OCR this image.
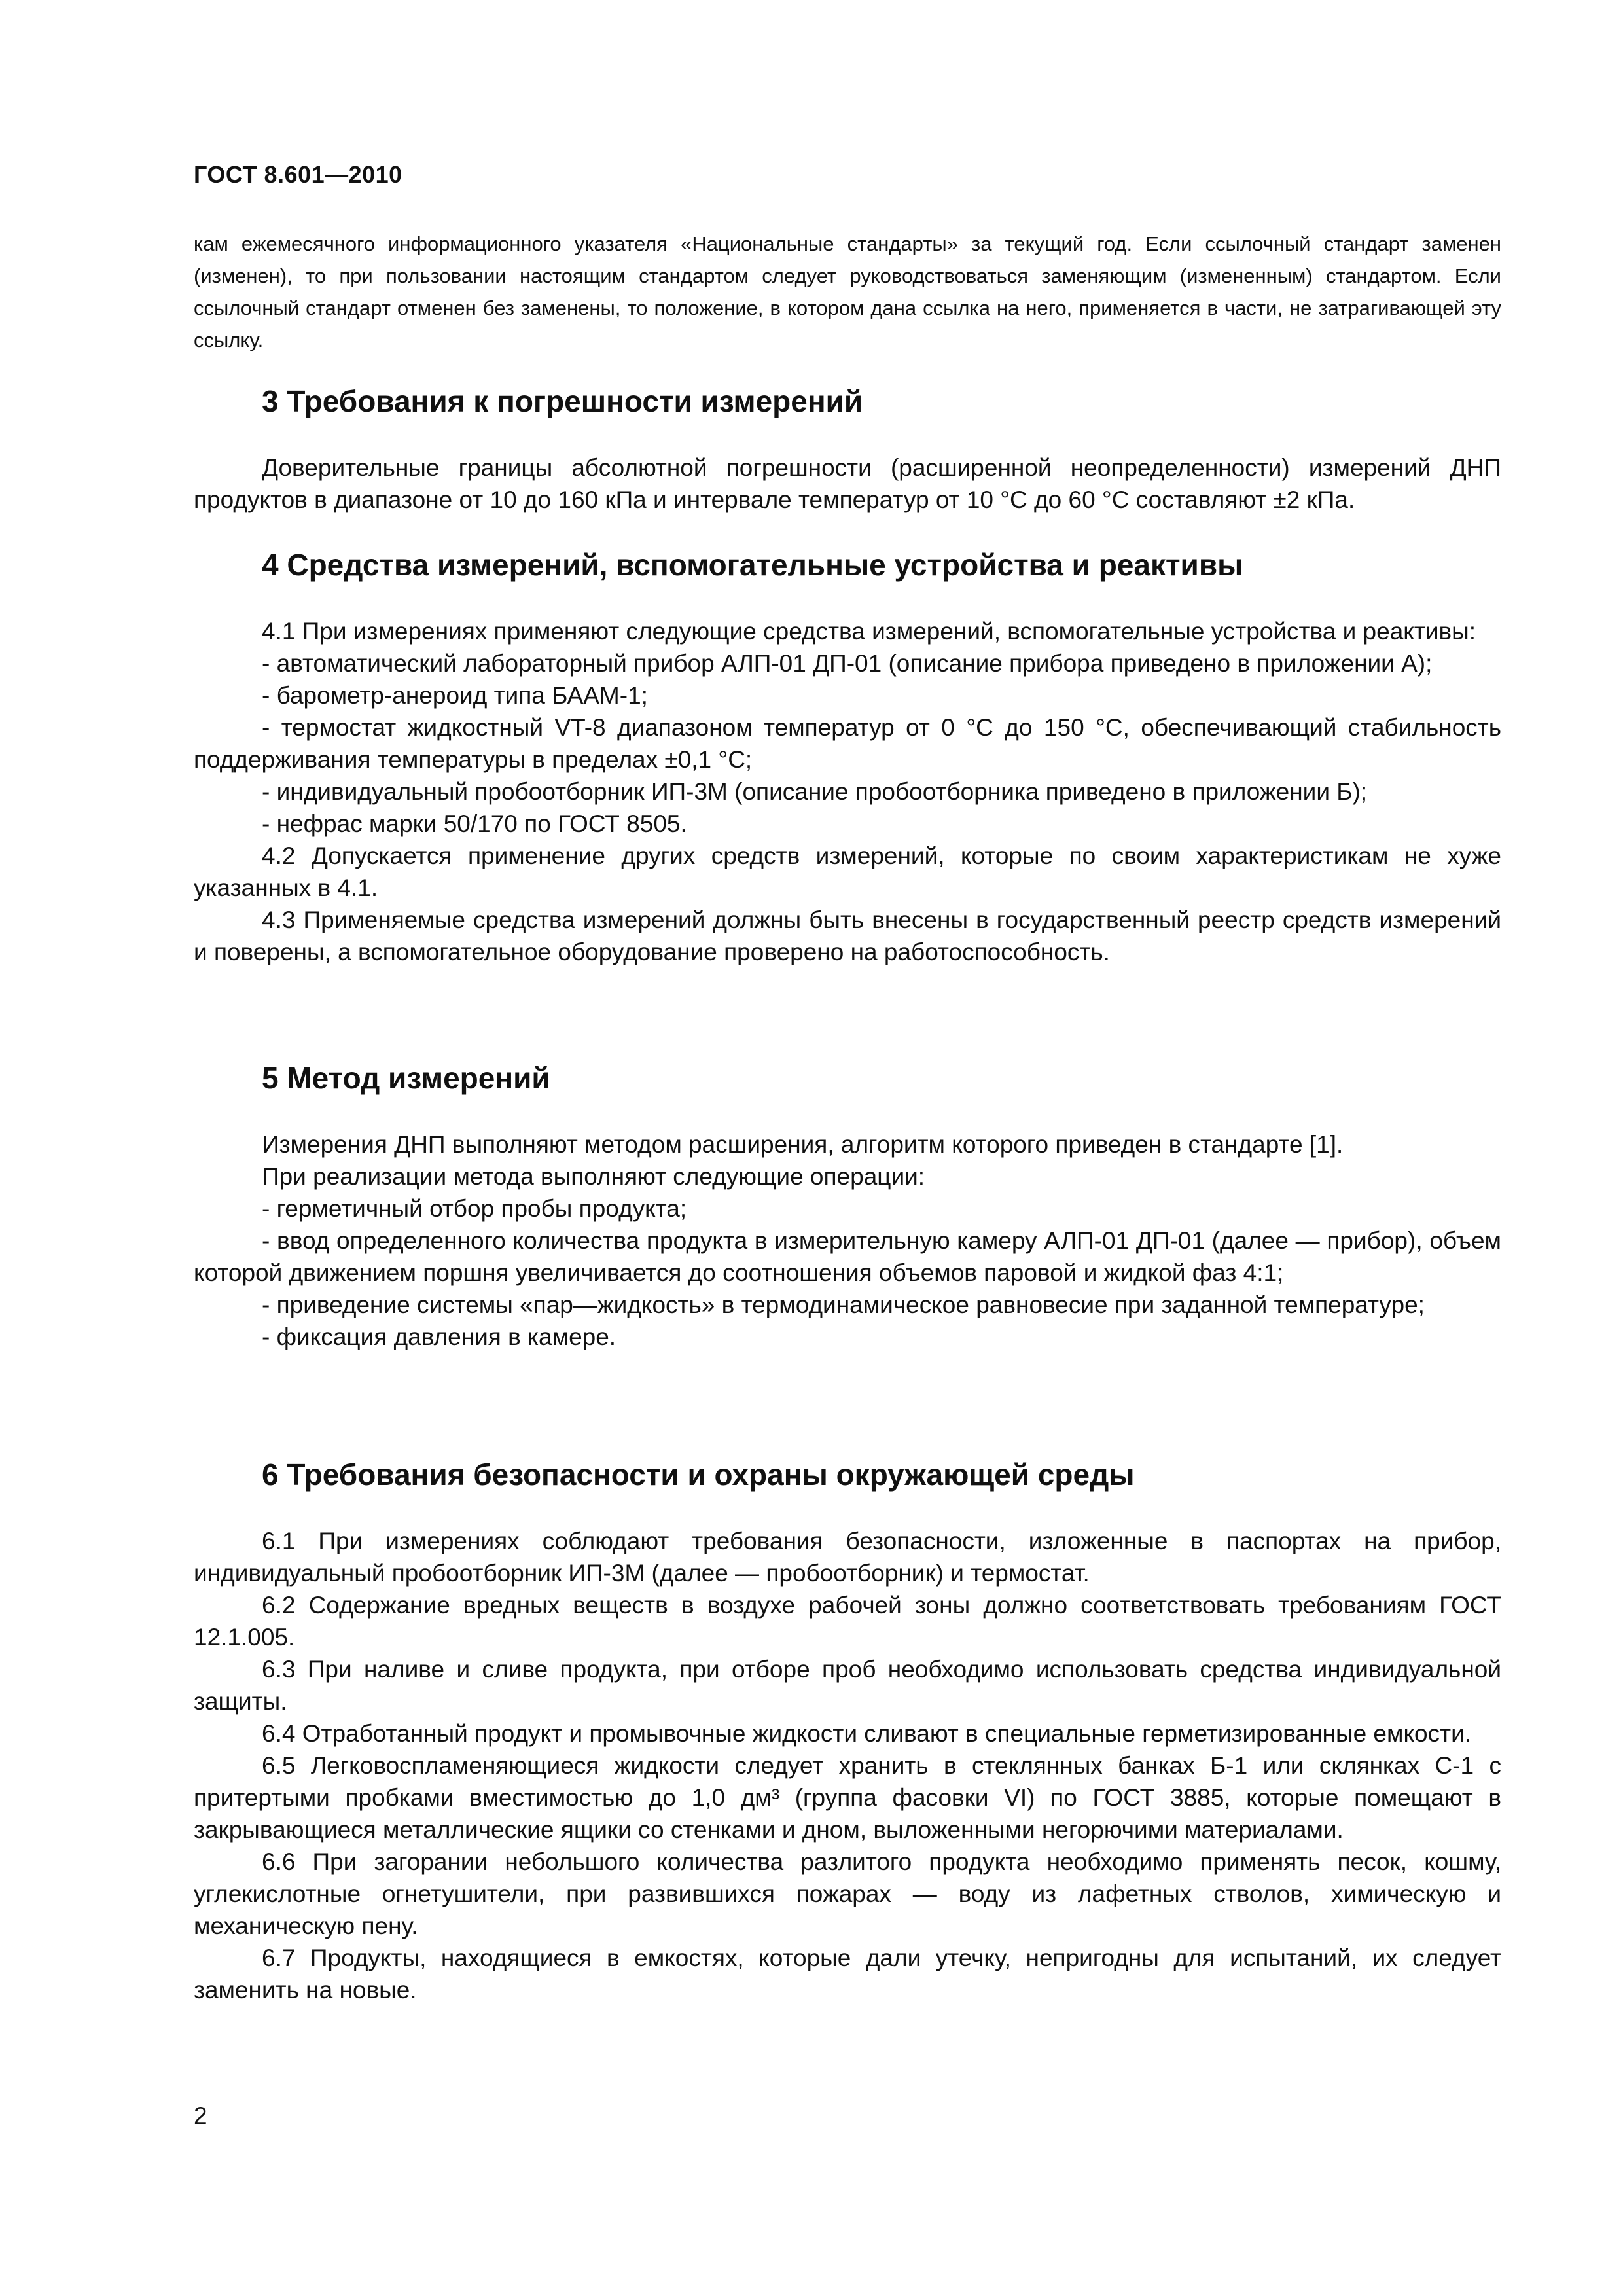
ГОСТ 8.601—2010

кам ежемесячного информационного указателя «Национальные стандарты» за текущий год. Если ссылочный стандарт заменен (изменен), то при пользовании настоящим стандартом следует руководствоваться заменяющим (измененным) стандартом. Если ссылочный стандарт отменен без заменены, то положение, в котором дана ссылка на него, применяется в части, не затрагивающей эту ссылку.

3 Требования к погрешности измерений

Доверительные границы абсолютной погрешности (расширенной неопределенности) измерений ДНП продуктов в диапазоне от 10 до 160 кПа и интервале температур от 10 °С до 60 °С составляют ±2 кПа.

4 Средства измерений, вспомогательные устройства и реактивы

4.1 При измерениях применяют следующие средства измерений, вспомогательные устройства и реактивы:

- автоматический лабораторный прибор АЛП-01 ДП-01 (описание прибора приведено в приложении А);

- барометр-анероид типа БААМ-1;

- термостат жидкостный VT-8 диапазоном температур от 0 °С до 150 °С, обеспечивающий стабильность поддерживания температуры в пределах ±0,1 °С;

- индивидуальный пробоотборник ИП-3М (описание пробоотборника приведено в приложении Б);

- нефрас марки 50/170 по ГОСТ 8505.

4.2 Допускается применение других средств измерений, которые по своим характеристикам не хуже указанных в 4.1.

4.3 Применяемые средства измерений должны быть внесены в государственный реестр средств измерений и поверены, а вспомогательное оборудование проверено на работоспособность.

5 Метод измерений

Измерения ДНП выполняют методом расширения, алгоритм которого приведен в стандарте [1].

При реализации метода выполняют следующие операции:

- герметичный отбор пробы продукта;

- ввод определенного количества продукта в измерительную камеру АЛП-01 ДП-01 (далее — прибор), объем которой движением поршня увеличивается до соотношения объемов паровой и жидкой фаз 4:1;

- приведение системы «пар—жидкость» в термодинамическое равновесие при заданной температуре;

- фиксация давления в камере.

6 Требования безопасности и охраны окружающей среды

6.1 При измерениях соблюдают требования безопасности, изложенные в паспортах на прибор, индивидуальный пробоотборник ИП-3М (далее — пробоотборник) и термостат.

6.2 Содержание вредных веществ в воздухе рабочей зоны должно соответствовать требованиям ГОСТ 12.1.005.

6.3 При наливе и сливе продукта, при отборе проб необходимо использовать средства индивидуальной защиты.

6.4 Отработанный продукт и промывочные жидкости сливают в специальные герметизированные емкости.

6.5 Легковоспламеняющиеся жидкости следует хранить в стеклянных банках Б-1 или склянках С-1 с притертыми пробками вместимостью до 1,0 дм³ (группа фасовки VI) по ГОСТ 3885, которые помещают в закрывающиеся металлические ящики со стенками и дном, выложенными негорючими материалами.

6.6 При загорании небольшого количества разлитого продукта необходимо применять песок, кошму, углекислотные огнетушители, при развившихся пожарах — воду из лафетных стволов, химическую и механическую пену.

6.7 Продукты, находящиеся в емкостях, которые дали утечку, непригодны для испытаний, их следует заменить на новые.

2
